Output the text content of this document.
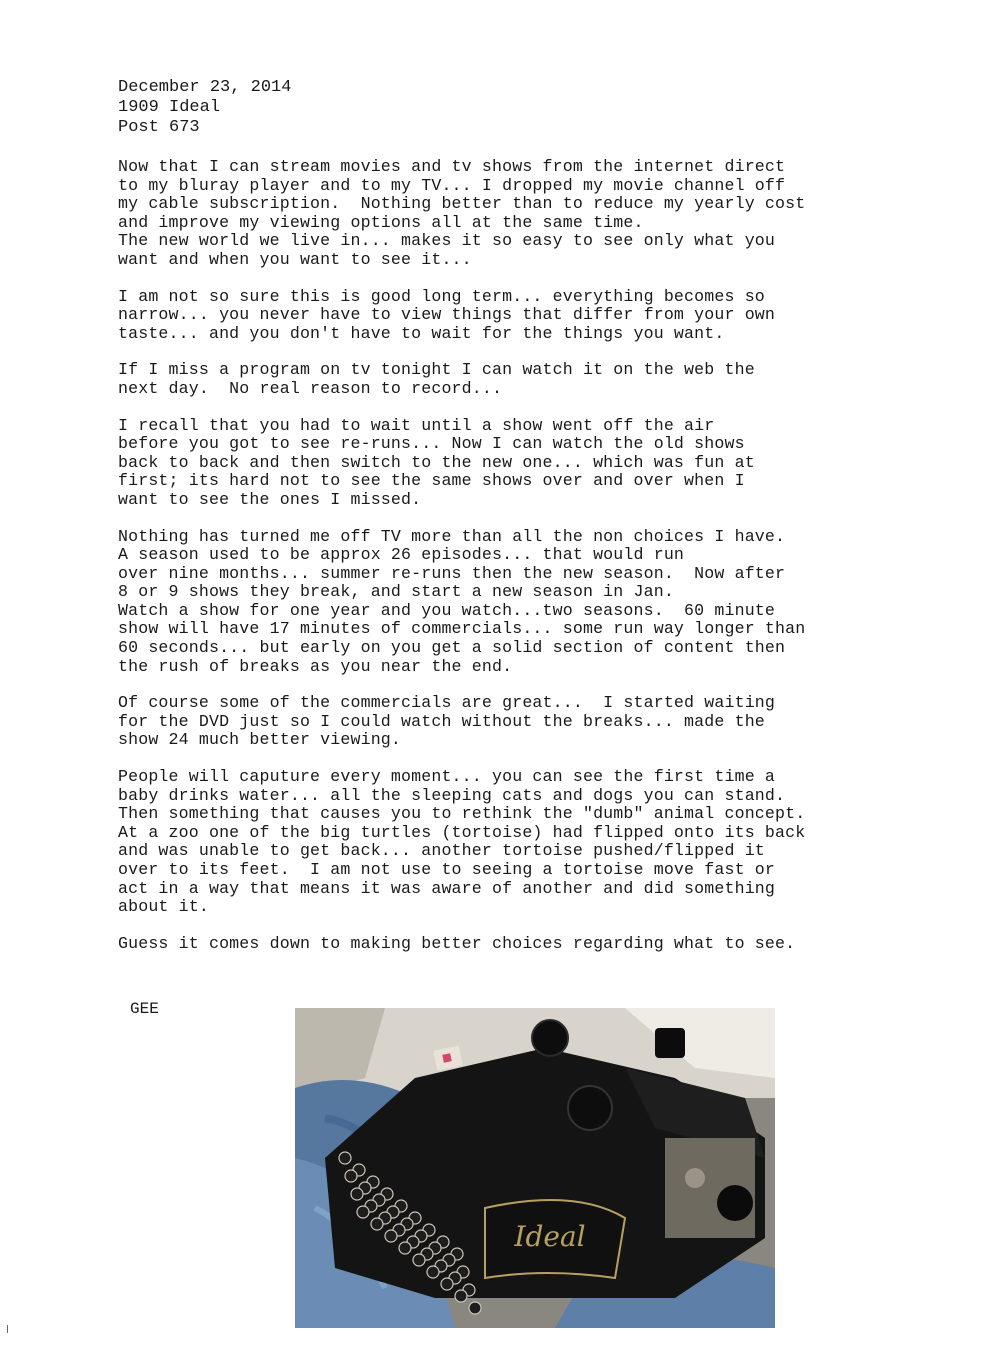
December 23, 2014
1909 Ideal
Post 673
Now that I can stream movies and tv shows from the internet direct
to my bluray player and to my TV... I dropped my movie channel off
my cable subscription.  Nothing better than to reduce my yearly cost
and improve my viewing options all at the same time.
The new world we live in... makes it so easy to see only what you
want and when you want to see it...
I am not so sure this is good long term... everything becomes so
narrow... you never have to view things that differ from your own
taste... and you don't have to wait for the things you want.
If I miss a program on tv tonight I can watch it on the web the
next day.  No real reason to record...
I recall that you had to wait until a show went off the air
before you got to see re-runs... Now I can watch the old shows
back to back and then switch to the new one... which was fun at
first; its hard not to see the same shows over and over when I
want to see the ones I missed.
Nothing has turned me off TV more than all the non choices I have.
A season used to be approx 26 episodes... that would run
over nine months... summer re-runs then the new season.  Now after
8 or 9 shows they break, and start a new season in Jan.
Watch a show for one year and you watch...two seasons.  60 minute
show will have 17 minutes of commercials... some run way longer than
60 seconds... but early on you get a solid section of content then
the rush of breaks as you near the end.
Of course some of the commercials are great...  I started waiting
for the DVD just so I could watch without the breaks... made the
show 24 much better viewing.
People will caputure every moment... you can see the first time a
baby drinks water... all the sleeping cats and dogs you can stand.
Then something that causes you to rethink the "dumb" animal concept.
At a zoo one of the big turtles (tortoise) had flipped onto its back
and was unable to get back... another tortoise pushed/flipped it
over to its feet.  I am not use to seeing a tortoise move fast or
act in a way that means it was aware of another and did something
about it.
Guess it comes down to making better choices regarding what to see.
GEE
Ideal
